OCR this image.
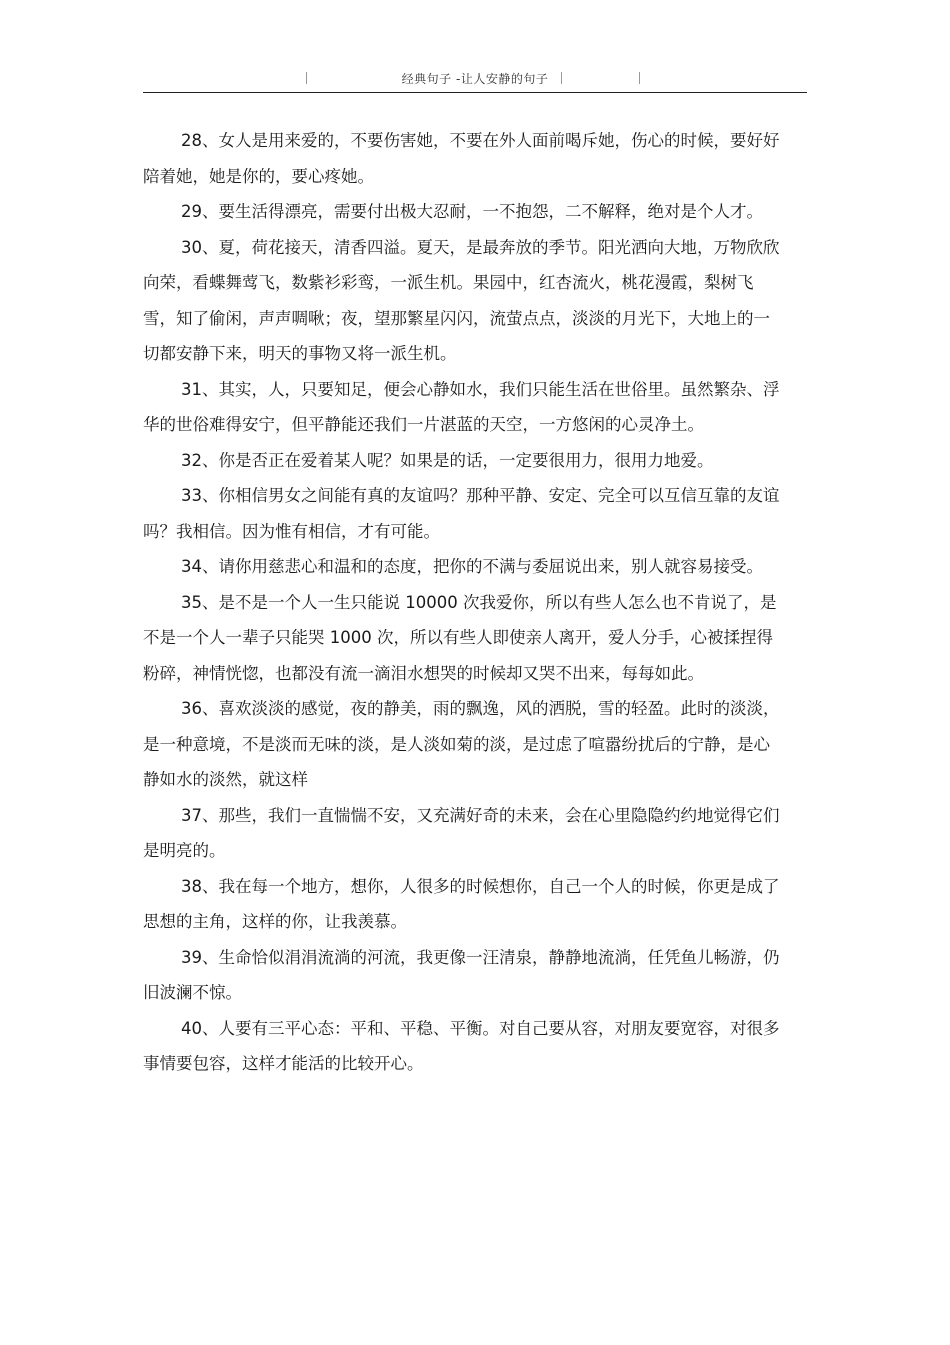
经典句子 -让人安静的句子

28、女人是用来爱的，不要伤害她，不要在外人面前喝斥她，伤心的时候，要好好陪着她，她是你的，要心疼她。

29、要生活得漂亮，需要付出极大忍耐，一不抱怨，二不解释，绝对是个人才。

30、夏，荷花接天，清香四溢。夏天，是最奔放的季节。阳光洒向大地，万物欣欣向荣，看蝶舞莺飞，数紫衫彩鸾，一派生机。果园中，红杏流火，桃花漫霞，梨树飞雪，知了偷闲，声声啁啾；夜，望那繁星闪闪，流萤点点，淡淡的月光下，大地上的一切都安静下来，明天的事物又将一派生机。

31、其实，人，只要知足，便会心静如水，我们只能生活在世俗里。虽然繁杂、浮华的世俗难得安宁，但平静能还我们一片湛蓝的天空，一方悠闲的心灵净土。

32、你是否正在爱着某人呢？如果是的话，一定要很用力，很用力地爱。

33、你相信男女之间能有真的友谊吗？那种平静、安定、完全可以互信互靠的友谊吗？我相信。因为惟有相信，才有可能。

34、请你用慈悲心和温和的态度，把你的不满与委屈说出来，别人就容易接受。

35、是不是一个人一生只能说 10000 次我爱你，所以有些人怎么也不肯说了，是不是一个人一辈子只能哭 1000 次，所以有些人即使亲人离开，爱人分手，心被揉捏得粉碎，神情恍惚，也都没有流一滴泪水想哭的时候却又哭不出来，每每如此。

36、喜欢淡淡的感觉，夜的静美，雨的飘逸，风的洒脱，雪的轻盈。此时的淡淡，是一种意境，不是淡而无味的淡，是人淡如菊的淡，是过虑了喧嚣纷扰后的宁静，是心静如水的淡然，就这样

37、那些，我们一直惴惴不安，又充满好奇的未来，会在心里隐隐约约地觉得它们是明亮的。

38、我在每一个地方，想你，人很多的时候想你，自己一个人的时候，你更是成了思想的主角，这样的你，让我羡慕。

39、生命恰似涓涓流淌的河流，我更像一汪清泉，静静地流淌，任凭鱼儿畅游，仍旧波澜不惊。

40、人要有三平心态：平和、平稳、平衡。对自己要从容，对朋友要宽容，对很多事情要包容，这样才能活的比较开心。
